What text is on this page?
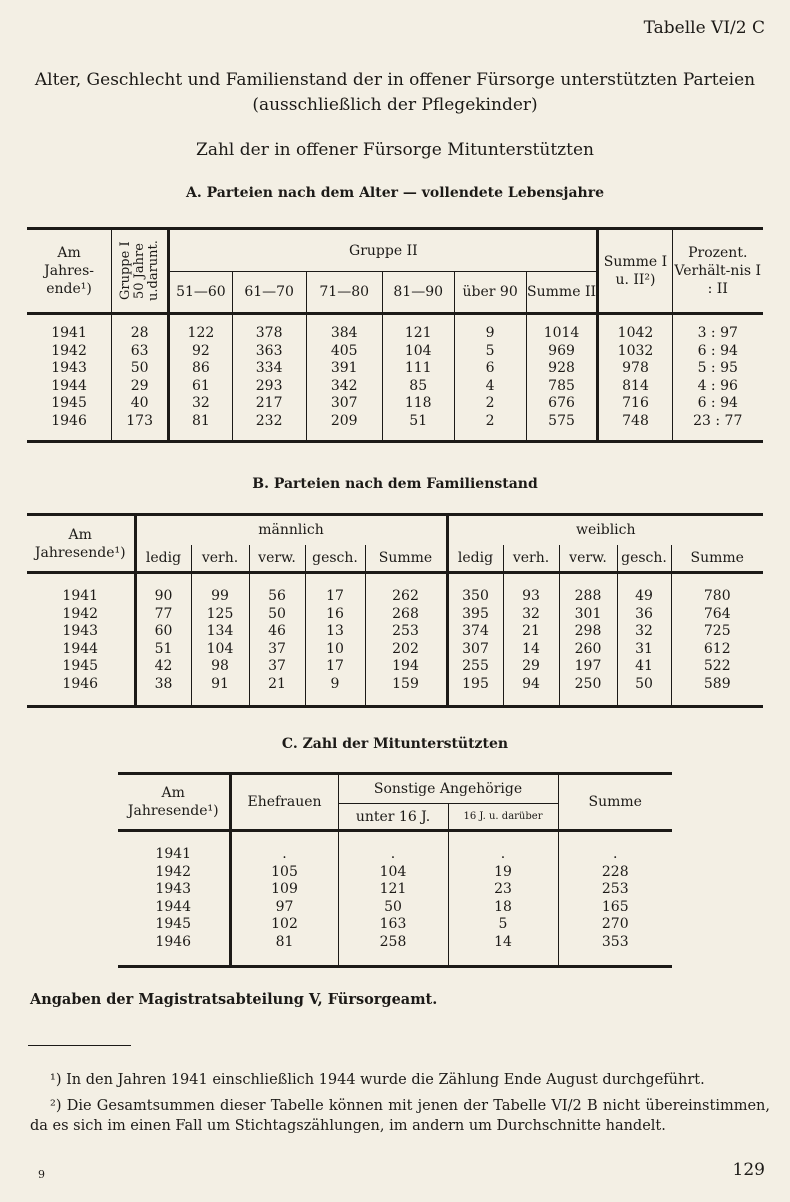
Tabelle VI/2 C
Alter, Geschlecht und Familienstand der in offener Fürsorge unterstützten Parteien
(ausschließlich der Pflegekinder)
Zahl der in offener Fürsorge Mitunterstützten
A. Parteien nach dem Alter — vollendete Lebensjahre
Am Jahres-ende¹)	Gruppe I 50 Jahre u.darunt.	Gruppe II						Summe I u. II²)	Prozent. Verhält-nis I : II

		51—60	61—70	71—80	81—90	über 90	Summe II		

1941	28	122	378	384	121	9	1014	1042	3 : 97
1942	63	92	363	405	104	5	969	1032	6 : 94
1943	50	86	334	391	111	6	928	978	5 : 95
1944	29	61	293	342	85	4	785	814	4 : 96
1945	40	32	217	307	118	2	676	716	6 : 94
1946	173	81	232	209	51	2	575	748	23 : 77
B. Parteien nach dem Familienstand
Am Jahresende¹)	männlich					weiblich				
	ledig	verh.	verw.	gesch.	Summe	ledig	verh.	verw.	gesch.	Summe
1941	90	99	56	17	262	350	93	288	49	780
1942	77	125	50	16	268	395	32	301	36	764
1943	60	134	46	13	253	374	21	298	32	725
1944	51	104	37	10	202	307	14	260	31	612
1945	42	98	37	17	194	255	29	197	41	522
1946	38	91	21	9	159	195	94	250	50	589
C. Zahl der Mitunterstützten
Am Jahresende¹)	Ehefrauen	Sonstige Angehörige		Summe
		unter 16 J.	16 J. u. darüber	
1941	.	.	.	.
1942	105	104	19	228
1943	109	121	23	253
1944	97	50	18	165
1945	102	163	5	270
1946	81	258	14	353
Angaben der Magistratsabteilung V, Fürsorgeamt.
¹) In den Jahren 1941 einschließlich 1944 wurde die Zählung Ende August durchgeführt.
²) Die Gesamtsummen dieser Tabelle können mit jenen der Tabelle VI/2 B nicht übereinstimmen, da es sich im einen Fall um Stichtagszählungen, im andern um Durchschnitte handelt.
9	129
